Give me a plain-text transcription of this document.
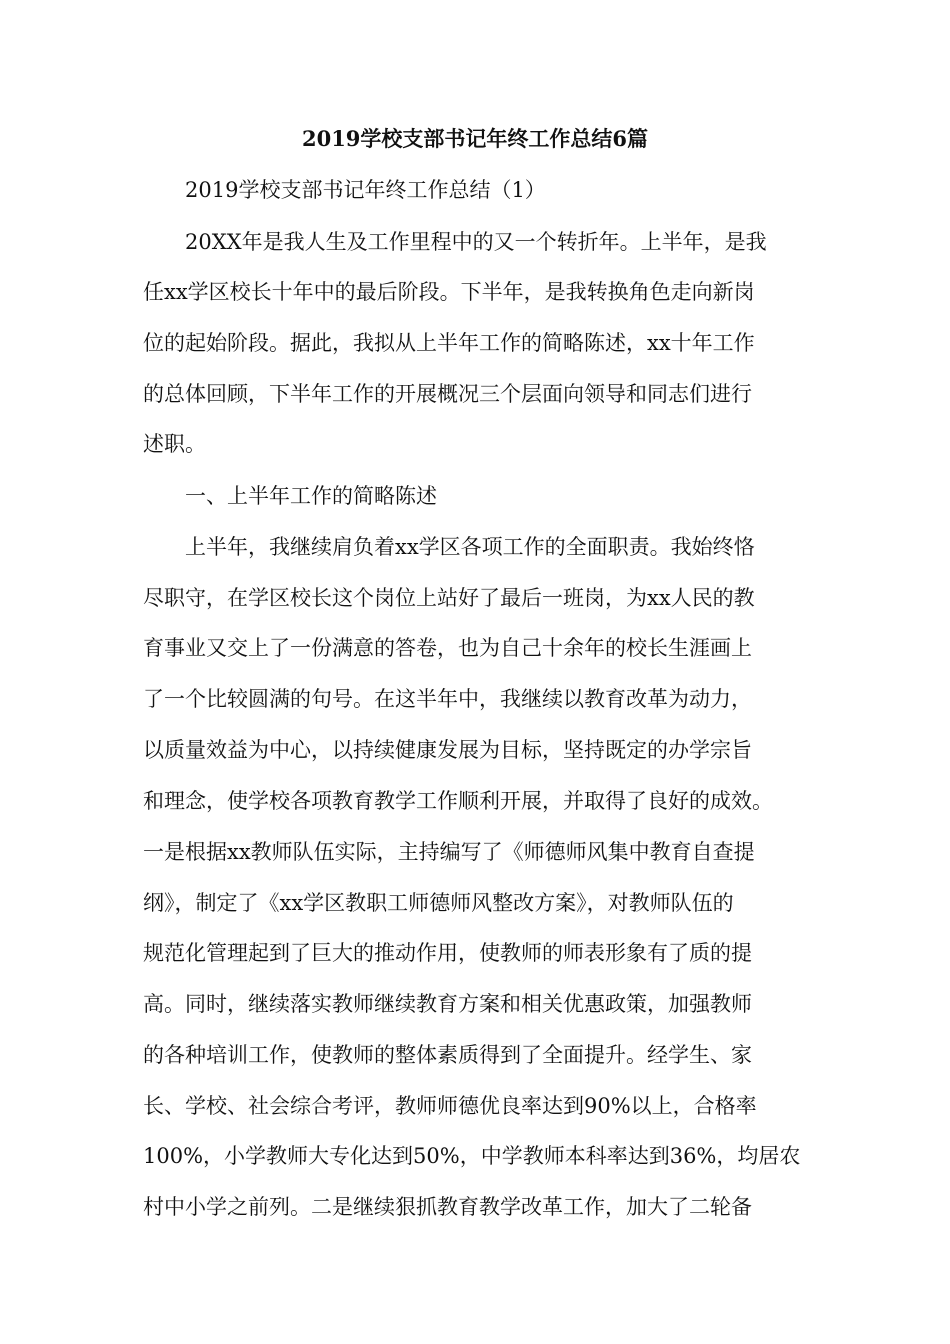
2019学校支部书记年终工作总结6篇

2019学校支部书记年终工作总结（1）

20XX年是我人生及工作里程中的又一个转折年。上半年，是我

任xx学区校长十年中的最后阶段。下半年，是我转换角色走向新岗

位的起始阶段。据此，我拟从上半年工作的简略陈述，xx十年工作

的总体回顾，下半年工作的开展概况三个层面向领导和同志们进行

述职。

一、上半年工作的简略陈述

上半年，我继续肩负着xx学区各项工作的全面职责。我始终恪

尽职守，在学区校长这个岗位上站好了最后一班岗，为xx人民的教

育事业又交上了一份满意的答卷，也为自己十余年的校长生涯画上

了一个比较圆满的句号。在这半年中，我继续以教育改革为动力，

以质量效益为中心，以持续健康发展为目标，坚持既定的办学宗旨

和理念，使学校各项教育教学工作顺利开展，并取得了良好的成效。

一是根据xx教师队伍实际，主持编写了《师德师风集中教育自查提

纲》，制定了《xx学区教职工师德师风整改方案》，对教师队伍的

规范化管理起到了巨大的推动作用，使教师的师表形象有了质的提

高。同时，继续落实教师继续教育方案和相关优惠政策，加强教师

的各种培训工作，使教师的整体素质得到了全面提升。经学生、家

长、学校、社会综合考评，教师师德优良率达到90%以上，合格率

100%，小学教师大专化达到50%，中学教师本科率达到36%，均居农

村中小学之前列。二是继续狠抓教育教学改革工作，加大了二轮备
